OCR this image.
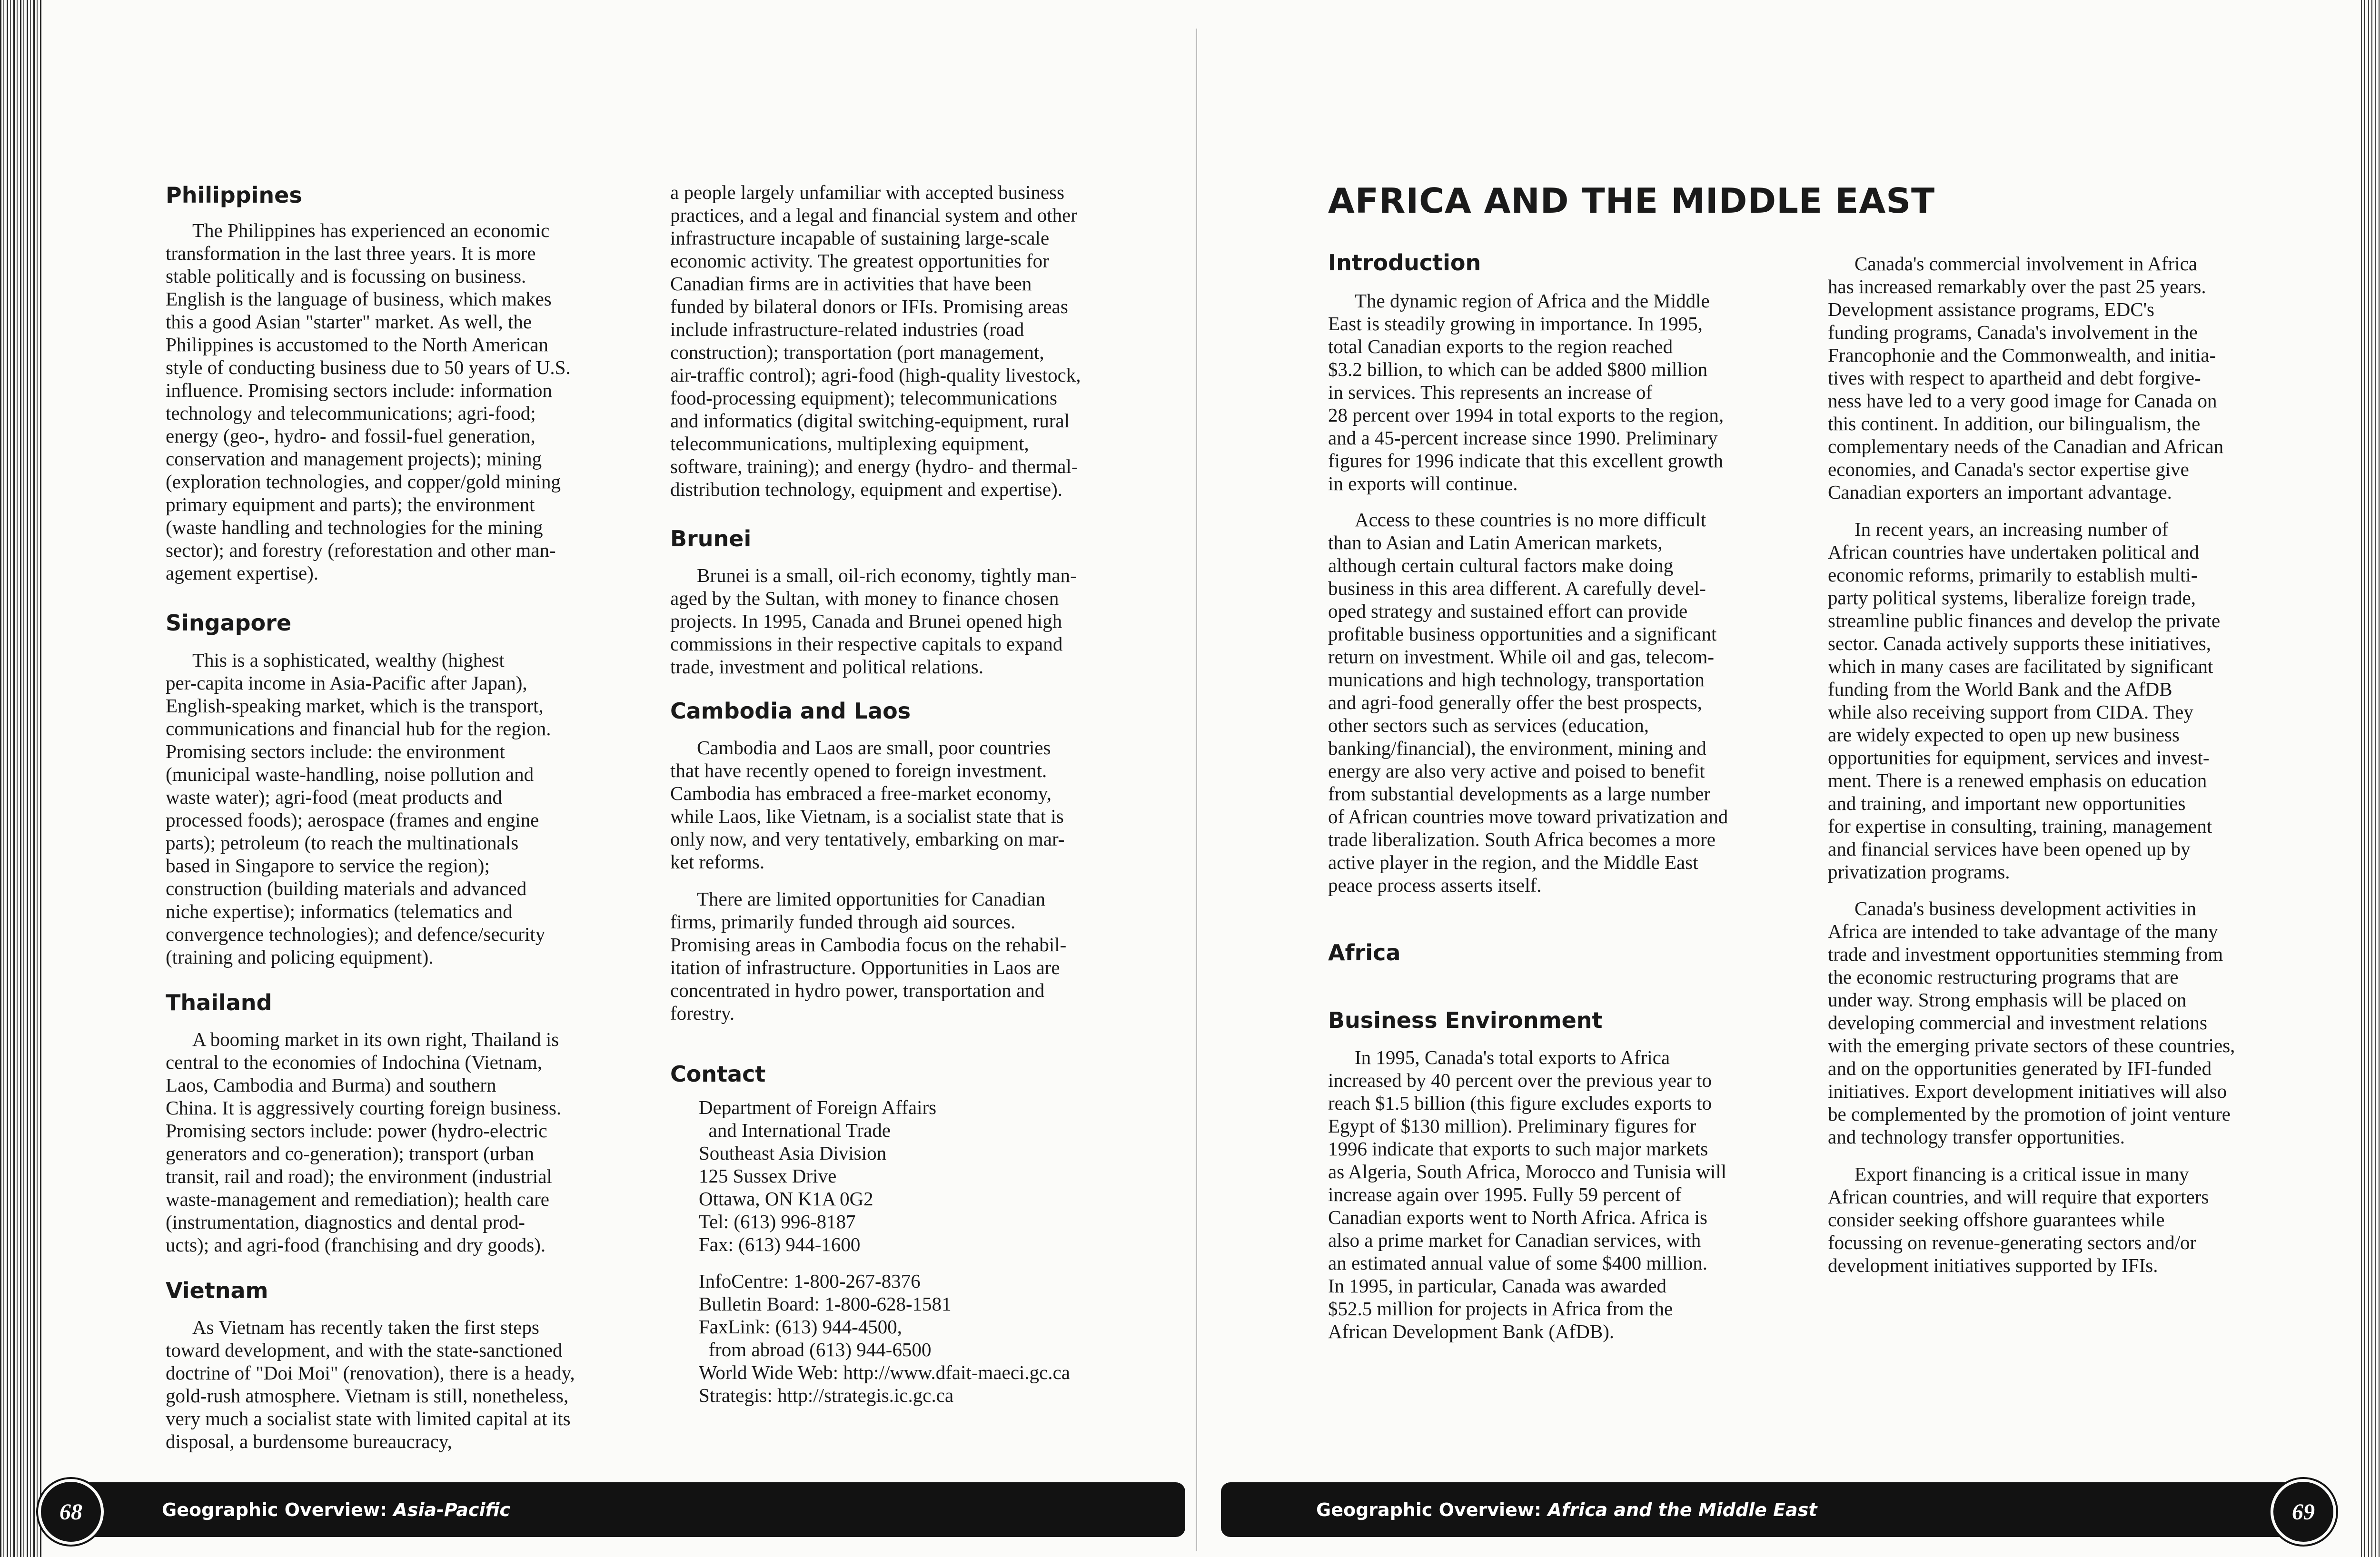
Philippines

The Philippines has experienced an economic
transformation in the last three years. It is more
stable politically and is focussing on business.
English is the language of business, which makes
this a good Asian "starter" market. As well, the
Philippines is accustomed to the North American
style of conducting business due to 50 years of U.S.
influence. Promising sectors include: information
technology and telecommunications; agri-food;
energy (geo-, hydro- and fossil-fuel generation,
conservation and management projects); mining
(exploration technologies, and copper/gold mining
primary equipment and parts); the environment
(waste handling and technologies for the mining
sector); and forestry (reforestation and other man-
agement expertise).

Singapore

This is a sophisticated, wealthy (highest
per-capita income in Asia-Pacific after Japan),
English-speaking market, which is the transport,
communications and financial hub for the region.
Promising sectors include: the environment
(municipal waste-handling, noise pollution and
waste water); agri-food (meat products and
processed foods); aerospace (frames and engine
parts); petroleum (to reach the multinationals
based in Singapore to service the region);
construction (building materials and advanced
niche expertise); informatics (telematics and
convergence technologies); and defence/security
(training and policing equipment).

Thailand

A booming market in its own right, Thailand is
central to the economies of Indochina (Vietnam,
Laos, Cambodia and Burma) and southern
China. It is aggressively courting foreign business.
Promising sectors include: power (hydro-electric
generators and co-generation); transport (urban
transit, rail and road); the environment (industrial
waste-management and remediation); health care
(instrumentation, diagnostics and dental prod-
ucts); and agri-food (franchising and dry goods).

Vietnam

As Vietnam has recently taken the first steps
toward development, and with the state-sanctioned
doctrine of "Doi Moi" (renovation), there is a heady,
gold-rush atmosphere. Vietnam is still, nonetheless,
very much a socialist state with limited capital at its
disposal, a burdensome bureaucracy,

a people largely unfamiliar with accepted business
practices, and a legal and financial system and other
infrastructure incapable of sustaining large-scale
economic activity. The greatest opportunities for
Canadian firms are in activities that have been
funded by bilateral donors or IFIs. Promising areas
include infrastructure-related industries (road
construction); transportation (port management,
air-traffic control); agri-food (high-quality livestock,
food-processing equipment); telecommunications
and informatics (digital switching-equipment, rural
telecommunications, multiplexing equipment,
software, training); and energy (hydro- and thermal-
distribution technology, equipment and expertise).

Brunei

Brunei is a small, oil-rich economy, tightly man-
aged by the Sultan, with money to finance chosen
projects. In 1995, Canada and Brunei opened high
commissions in their respective capitals to expand
trade, investment and political relations.

Cambodia and Laos

Cambodia and Laos are small, poor countries
that have recently opened to foreign investment.
Cambodia has embraced a free-market economy,
while Laos, like Vietnam, is a socialist state that is
only now, and very tentatively, embarking on mar-
ket reforms.

There are limited opportunities for Canadian
firms, primarily funded through aid sources.
Promising areas in Cambodia focus on the rehabil-
itation of infrastructure. Opportunities in Laos are
concentrated in hydro power, transportation and
forestry.

Contact

Department of Foreign Affairs
and International Trade
Southeast Asia Division
125 Sussex Drive
Ottawa, ON K1A 0G2
Tel: (613) 996-8187
Fax: (613) 944-1600

InfoCentre: 1-800-267-8376
Bulletin Board: 1-800-628-1581
FaxLink: (613) 944-4500,
from abroad (613) 944-6500
World Wide Web: http://www.dfait-maeci.gc.ca
Strategis: http://strategis.ic.gc.ca

Geographic Overview: Asia-Pacific
68
AFRICA AND THE MIDDLE EAST
Introduction

The dynamic region of Africa and the Middle
East is steadily growing in importance. In 1995,
total Canadian exports to the region reached
$3.2 billion, to which can be added $800 million
in services. This represents an increase of
28 percent over 1994 in total exports to the region,
and a 45-percent increase since 1990. Preliminary
figures for 1996 indicate that this excellent growth
in exports will continue.

Access to these countries is no more difficult
than to Asian and Latin American markets,
although certain cultural factors make doing
business in this area different. A carefully devel-
oped strategy and sustained effort can provide
profitable business opportunities and a significant
return on investment. While oil and gas, telecom-
munications and high technology, transportation
and agri-food generally offer the best prospects,
other sectors such as services (education,
banking/financial), the environment, mining and
energy are also very active and poised to benefit
from substantial developments as a large number
of African countries move toward privatization and
trade liberalization. South Africa becomes a more
active player in the region, and the Middle East
peace process asserts itself.

Africa
Business Environment

In 1995, Canada's total exports to Africa
increased by 40 percent over the previous year to
reach $1.5 billion (this figure excludes exports to
Egypt of $130 million). Preliminary figures for
1996 indicate that exports to such major markets
as Algeria, South Africa, Morocco and Tunisia will
increase again over 1995. Fully 59 percent of
Canadian exports went to North Africa. Africa is
also a prime market for Canadian services, with
an estimated annual value of some $400 million.
In 1995, in particular, Canada was awarded
$52.5 million for projects in Africa from the
African Development Bank (AfDB).

Canada's commercial involvement in Africa
has increased remarkably over the past 25 years.
Development assistance programs, EDC's
funding programs, Canada's involvement in the
Francophonie and the Commonwealth, and initia-
tives with respect to apartheid and debt forgive-
ness have led to a very good image for Canada on
this continent. In addition, our bilingualism, the
complementary needs of the Canadian and African
economies, and Canada's sector expertise give
Canadian exporters an important advantage.

In recent years, an increasing number of
African countries have undertaken political and
economic reforms, primarily to establish multi-
party political systems, liberalize foreign trade,
streamline public finances and develop the private
sector. Canada actively supports these initiatives,
which in many cases are facilitated by significant
funding from the World Bank and the AfDB
while also receiving support from CIDA. They
are widely expected to open up new business
opportunities for equipment, services and invest-
ment. There is a renewed emphasis on education
and training, and important new opportunities
for expertise in consulting, training, management
and financial services have been opened up by
privatization programs.

Canada's business development activities in
Africa are intended to take advantage of the many
trade and investment opportunities stemming from
the economic restructuring programs that are
under way. Strong emphasis will be placed on
developing commercial and investment relations
with the emerging private sectors of these countries,
and on the opportunities generated by IFI-funded
initiatives. Export development initiatives will also
be complemented by the promotion of joint venture
and technology transfer opportunities.

Export financing is a critical issue in many
African countries, and will require that exporters
consider seeking offshore guarantees while
focussing on revenue-generating sectors and/or
development initiatives supported by IFIs.

Geographic Overview: Africa and the Middle East	69
